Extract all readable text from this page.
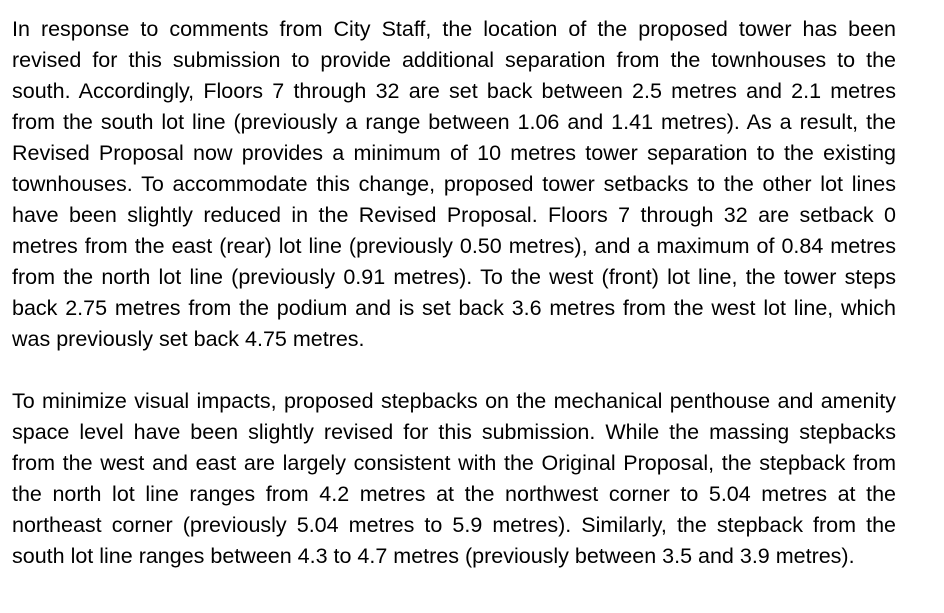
In response to comments from City Staff, the location of the proposed tower has been revised for this submission to provide additional separation from the townhouses to the south. Accordingly, Floors 7 through 32 are set back between 2.5 metres and 2.1 metres from the south lot line (previously a range between 1.06 and 1.41 metres). As a result, the Revised Proposal now provides a minimum of 10 metres tower separation to the existing townhouses. To accommodate this change, proposed tower setbacks to the other lot lines have been slightly reduced in the Revised Proposal. Floors 7 through 32 are setback 0 metres from the east (rear) lot line (previously 0.50 metres), and a maximum of 0.84 metres from the north lot line (previously 0.91 metres). To the west (front) lot line, the tower steps back 2.75 metres from the podium and is set back 3.6 metres from the west lot line, which was previously set back 4.75 metres.

To minimize visual impacts, proposed stepbacks on the mechanical penthouse and amenity space level have been slightly revised for this submission. While the massing stepbacks from the west and east are largely consistent with the Original Proposal, the stepback from the north lot line ranges from 4.2 metres at the northwest corner to 5.04 metres at the northeast corner (previously 5.04 metres to 5.9 metres). Similarly, the stepback from the south lot line ranges between 4.3 to 4.7 metres (previously between 3.5 and 3.9 metres).
